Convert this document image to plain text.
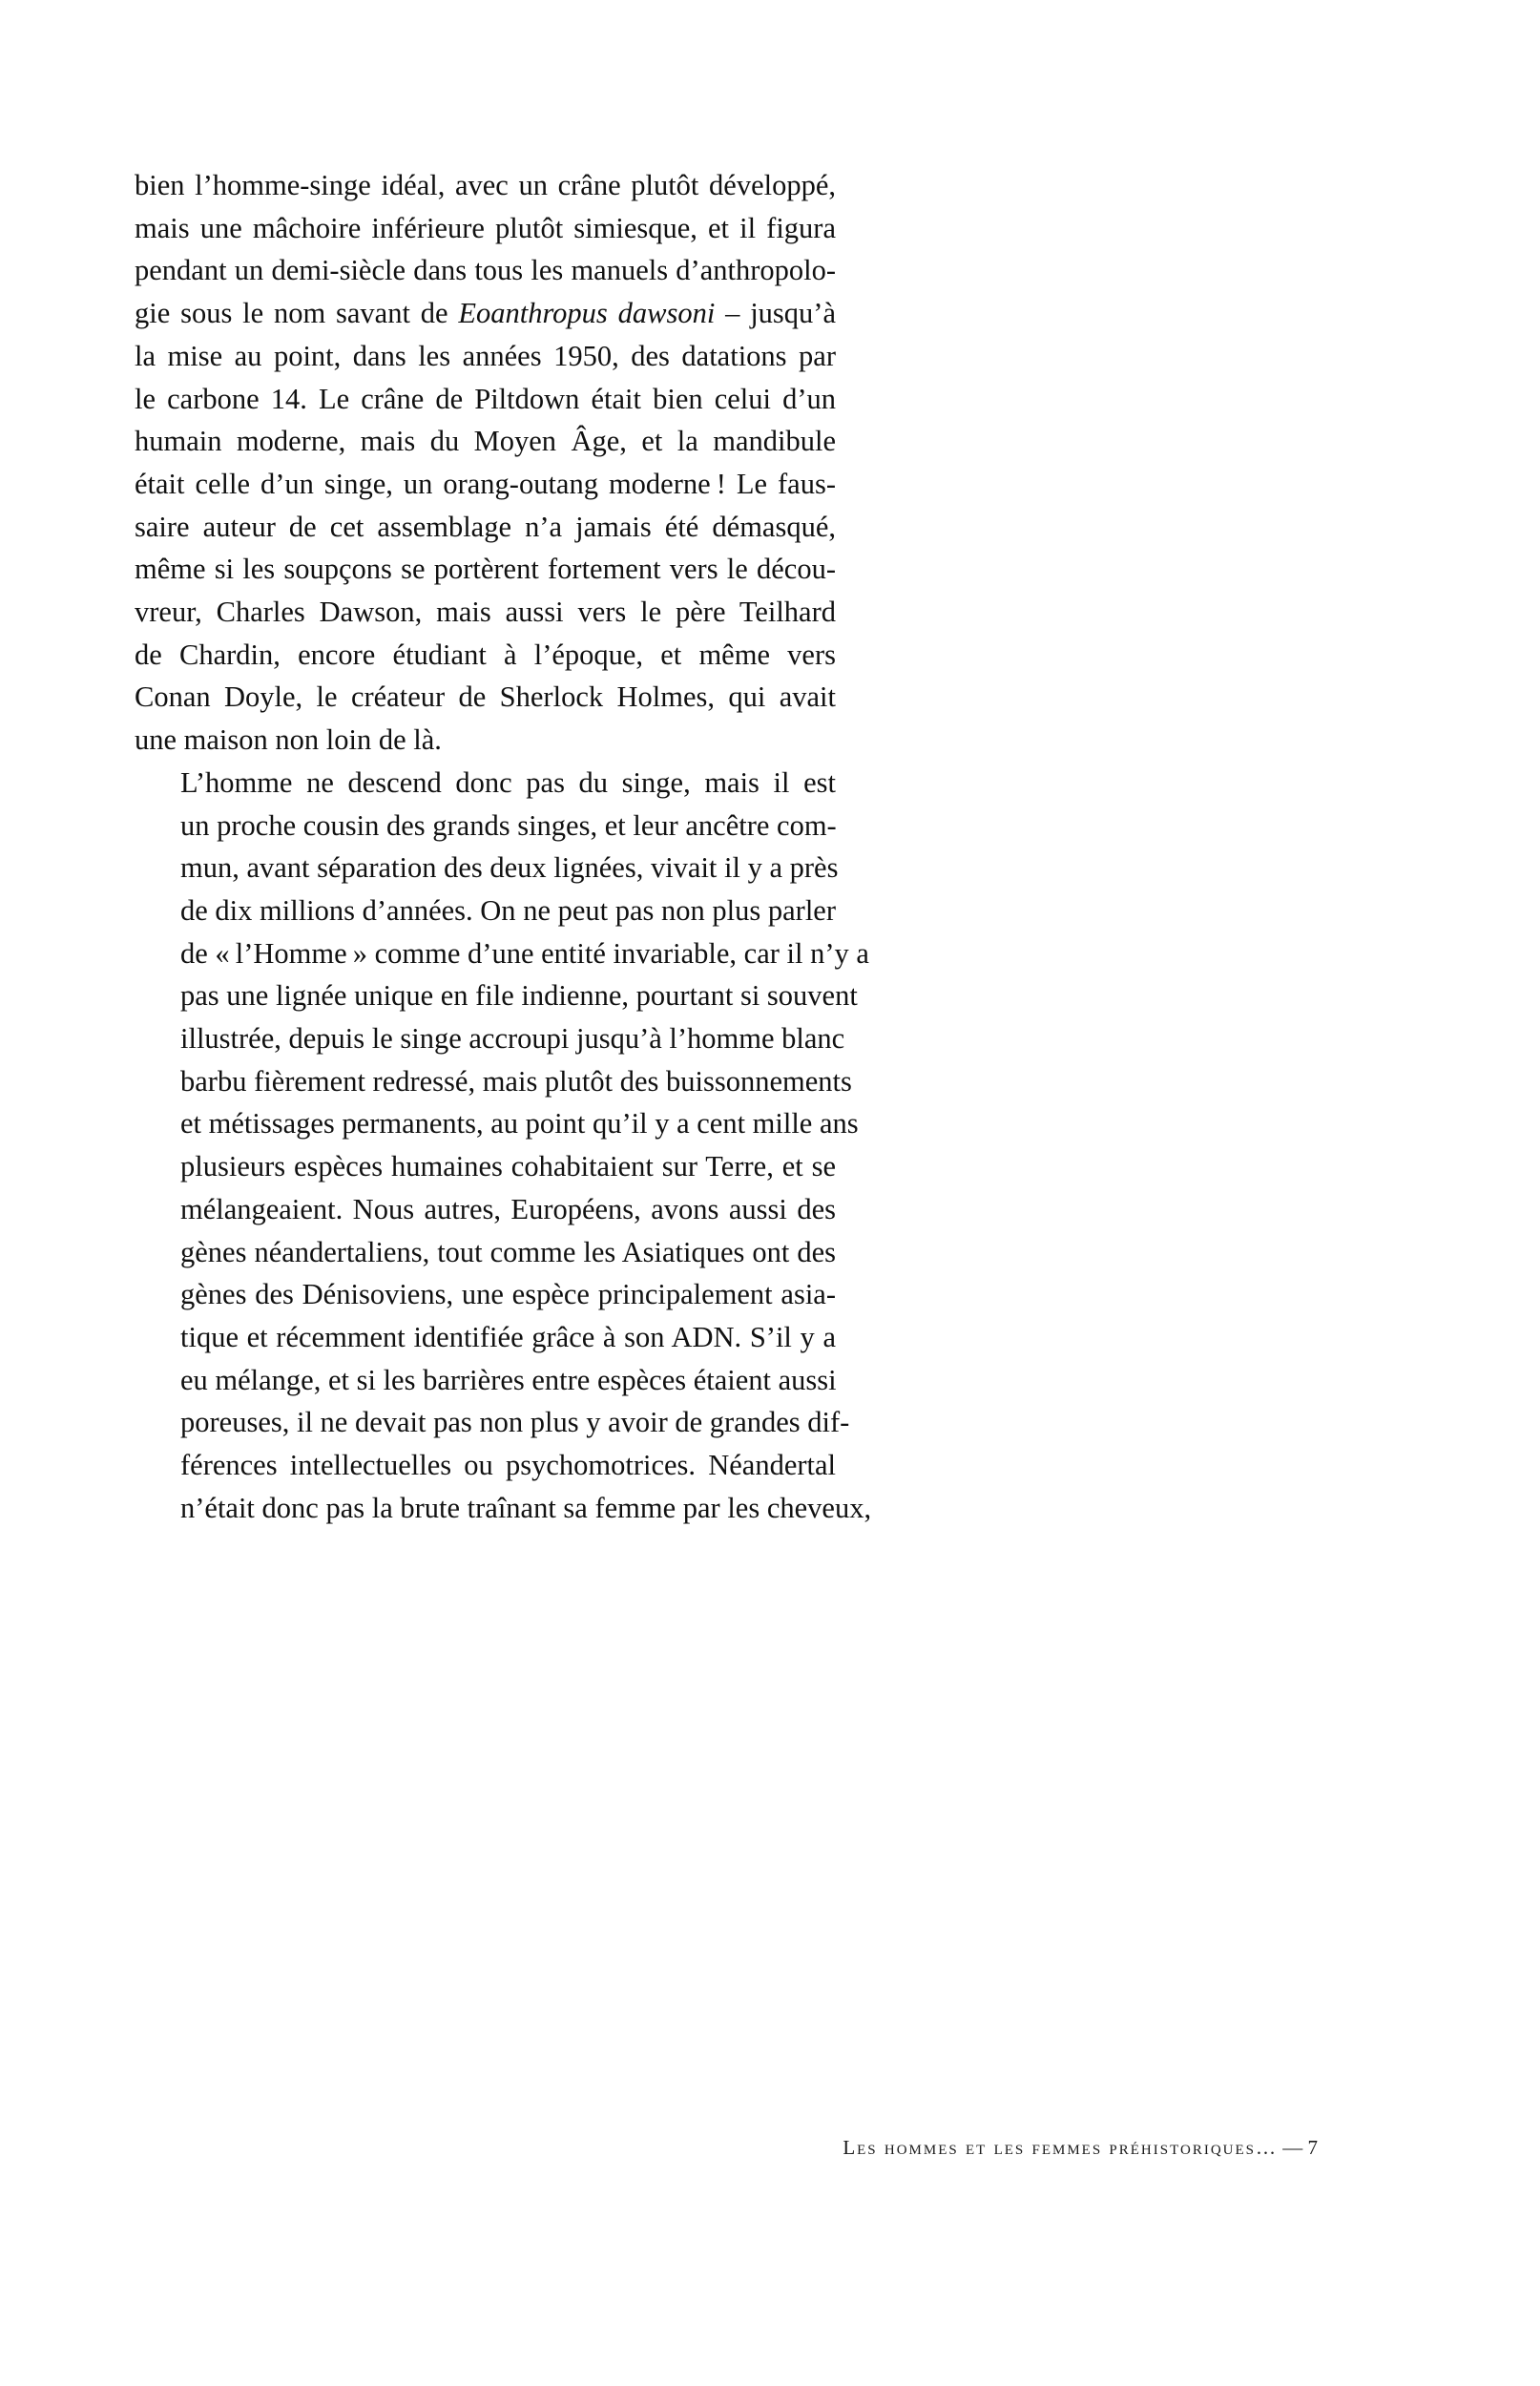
bien l’homme-singe idéal, avec un crâne plutôt développé,
mais une mâchoire inférieure plutôt simiesque, et il figura
pendant un demi-siècle dans tous les manuels d’anthropolo-
gie sous le nom savant de Eoanthropus dawsoni – jusqu’à
la mise au point, dans les années 1950, des datations par
le carbone 14. Le crâne de Piltdown était bien celui d’un
humain moderne, mais du Moyen Âge, et la mandibule
était celle d’un singe, un orang-outang moderne ! Le faus-
saire auteur de cet assemblage n’a jamais été démasqué,
même si les soupçons se portèrent fortement vers le décou-
vreur, Charles Dawson, mais aussi vers le père Teilhard
de Chardin, encore étudiant à l’époque, et même vers
Conan Doyle, le créateur de Sherlock Holmes, qui avait
une maison non loin de là.
L’homme ne descend donc pas du singe, mais il est
un proche cousin des grands singes, et leur ancêtre com-
mun, avant séparation des deux lignées, vivait il y a près
de dix millions d’années. On ne peut pas non plus parler
de « l’Homme » comme d’une entité invariable, car il n’y a
pas une lignée unique en file indienne, pourtant si souvent
illustrée, depuis le singe accroupi jusqu’à l’homme blanc
barbu fièrement redressé, mais plutôt des buissonnements
et métissages permanents, au point qu’il y a cent mille ans
plusieurs espèces humaines cohabitaient sur Terre, et se
mélangeaient. Nous autres, Européens, avons aussi des
gènes néandertaliens, tout comme les Asiatiques ont des
gènes des Dénisoviens, une espèce principalement asia-
tique et récemment identifiée grâce à son ADN. S’il y a
eu mélange, et si les barrières entre espèces étaient aussi
poreuses, il ne devait pas non plus y avoir de grandes dif-
férences intellectuelles ou psychomotrices. Néandertal
n’était donc pas la brute traînant sa femme par les cheveux,
Les hommes et les femmes préhistoriques… — 7
